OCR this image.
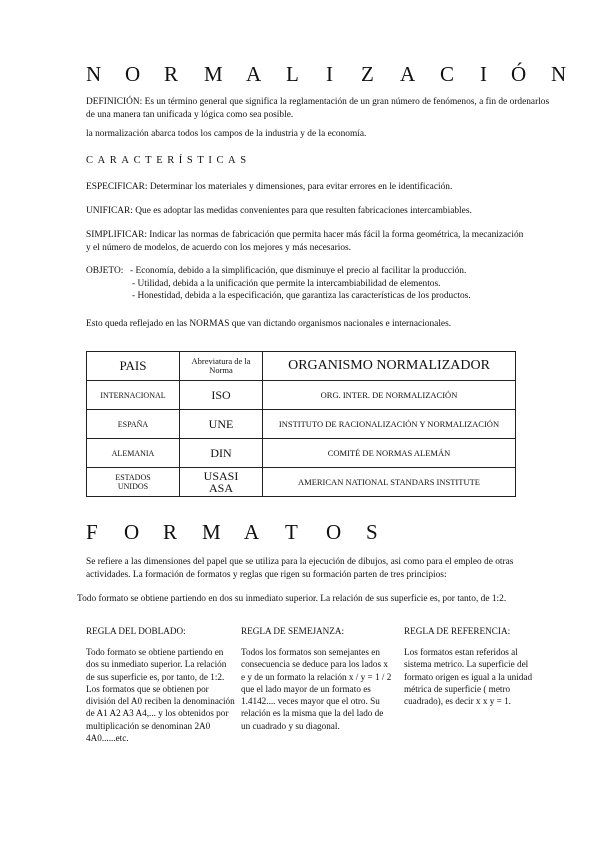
N O R M A L I Z A C I Ó N
DEFINICIÓN: Es un término general que significa la reglamentación de un gran número de fenómenos, a fin de ordenarlos de una manera tan unificada y lógica como sea posible.
la normalización abarca todos los campos de la industria y de la economía.
CARACTERÍSTICAS
ESPECIFICAR: Determinar los materiales y dimensiones, para evitar errores en le identificación.
UNIFICAR: Que es adoptar las medidas convenientes para que resulten fabricaciones intercambiables.
SIMPLIFICAR: Indicar las normas de fabricación que permita hacer más fácil la forma geométrica, la mecanización y el número de modelos, de acuerdo con los mejores y más necesarios.
OBJETO: - Economía, debido a la simplificación, que disminuye el precio al facilitar la producción.
- Utilidad, debida a la unificación que permite la intercambiabilidad de elementos.
- Honestidad, debida a la especificación, que garantiza las características de los productos.
Esto queda reflejado en las NORMAS que van dictando organismos nacionales e internacionales.
PAIS	Abreviatura de la Norma	ORGANISMO NORMALIZADOR
INTERNACIONAL	ISO	ORG. INTER. DE NORMALIZACIÓN
ESPAÑA	UNE	INSTITUTO DE RACIONALIZACIÓN Y NORMALIZACIÓN
ALEMANIA	DIN	COMITÉ DE NORMAS ALEMÁN
ESTADOS UNIDOS	USASI ASA	AMERICAN NATIONAL STANDARS INSTITUTE
F O R M A T O S
Se refiere a las dimensiones del papel que se utiliza para la ejecución de dibujos, asi como para el empleo de otras actividades. La formación de formatos y reglas que rigen su formación parten de tres principios:
Todo formato se obtiene partiendo en dos su inmediato superior. La relación de sus superficie es, por tanto, de 1:2.
REGLA DEL DOBLADO:
Todo formato se obtiene partiendo en dos su inmediato superior. La relación de sus superficie es, por tanto, de 1:2. Los formatos que se obtienen por división del A0 reciben la denominación de A1 A2 A3 A4,... y los obtenidos por multiplicación se denominan 2A0 4A0......etc.
REGLA DE SEMEJANZA:
Todos los formatos son semejantes en consecuencia se deduce para los lados x e y de un formato la relación x / y = 1 / 2 que el lado mayor de un formato es 1.4142.... veces mayor que el otro. Su relación es la misma que la del lado de un cuadrado y su diagonal.
REGLA DE REFERENCIA:
Los formatos estan referidos al sistema metrico. La superficie del formato origen es igual a la unidad métrica de superficie ( metro cuadrado), es decir x x y = 1.
